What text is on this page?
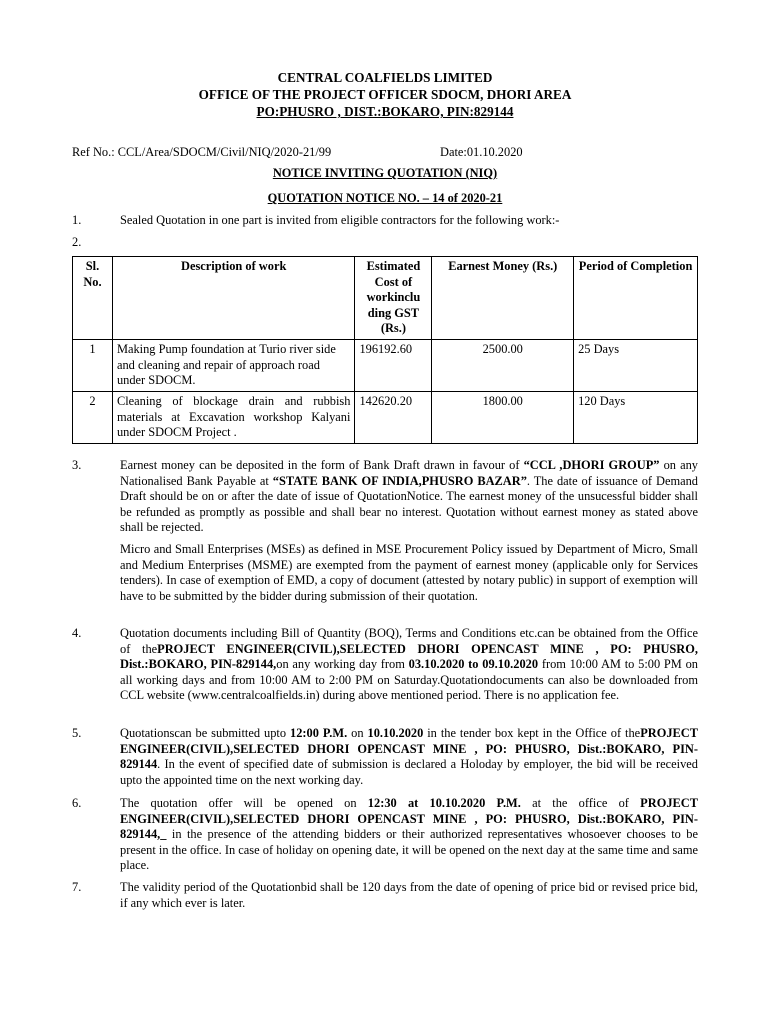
CENTRAL COALFIELDS LIMITED
OFFICE OF THE PROJECT OFFICER SDOCM, DHORI AREA
PO:PHUSRO , DIST.:BOKARO, PIN:829144
Ref No.: CCL/Area/SDOCM/Civil/NIQ/2020-21/99	Date:01.10.2020
NOTICE INVITING QUOTATION (NIQ)
QUOTATION NOTICE NO. – 14 of 2020-21
1.	Sealed Quotation in one part is invited from eligible contractors for the following work:-
2.
Sl. No.	Description of work	Estimated Cost of workinclu ding GST (Rs.)	Earnest Money (Rs.)	Period of Completion
1	Making Pump foundation at Turio river side and cleaning and repair of approach road under SDOCM.	196192.60	2500.00	25 Days
2	Cleaning of blockage drain and rubbish materials at Excavation workshop Kalyani under SDOCM Project .	142620.20	1800.00	120 Days
3.	Earnest money can be deposited in the form of Bank Draft drawn in favour of “CCL ,DHORI GROUP” on any Nationalised Bank Payable at “STATE BANK OF INDIA,PHUSRO BAZAR”. The date of issuance of Demand Draft should be on or after the date of issue of QuotationNotice. The earnest money of the unsucessful bidder shall be refunded as promptly as possible and shall bear no interest. Quotation without earnest money as stated above shall be rejected.
Micro and Small Enterprises (MSEs) as defined in MSE Procurement Policy issued by Department of Micro, Small and Medium Enterprises (MSME) are exempted from the payment of earnest money (applicable only for Services tenders). In case of exemption of EMD, a copy of document (attested by notary public) in support of exemption will have to be submitted by the bidder during submission of their quotation.
4.	Quotation documents including Bill of Quantity (BOQ), Terms and Conditions etc.can be obtained from the Office of thePROJECT ENGINEER(CIVIL),SELECTED DHORI OPENCAST MINE , PO: PHUSRO, Dist.:BOKARO, PIN-829144,on any working day from 03.10.2020 to 09.10.2020 from 10:00 AM to 5:00 PM on all working days and from 10:00 AM to 2:00 PM on Saturday.Quotationdocuments can also be downloaded from CCL website (www.centralcoalfields.in) during above mentioned period. There is no application fee.
5.	Quotationscan be submitted upto 12:00 P.M. on 10.10.2020 in the tender box kept in the Office of thePROJECT ENGINEER(CIVIL),SELECTED DHORI OPENCAST MINE , PO: PHUSRO, Dist.:BOKARO, PIN-829144. In the event of specified date of submission is declared a Holoday by employer, the bid will be received upto the appointed time on the next working day.
6.	The quotation offer will be opened on 12:30 at 10.10.2020 P.M. at the office of PROJECT ENGINEER(CIVIL),SELECTED DHORI OPENCAST MINE , PO: PHUSRO, Dist.:BOKARO, PIN-829144,_ in the presence of the attending bidders or their authorized representatives whosoever chooses to be present in the office. In case of holiday on opening date, it will be opened on the next day at the same time and same place.
7.	The validity period of the Quotationbid shall be 120 days from the date of opening of price bid or revised price bid, if any which ever is later.
